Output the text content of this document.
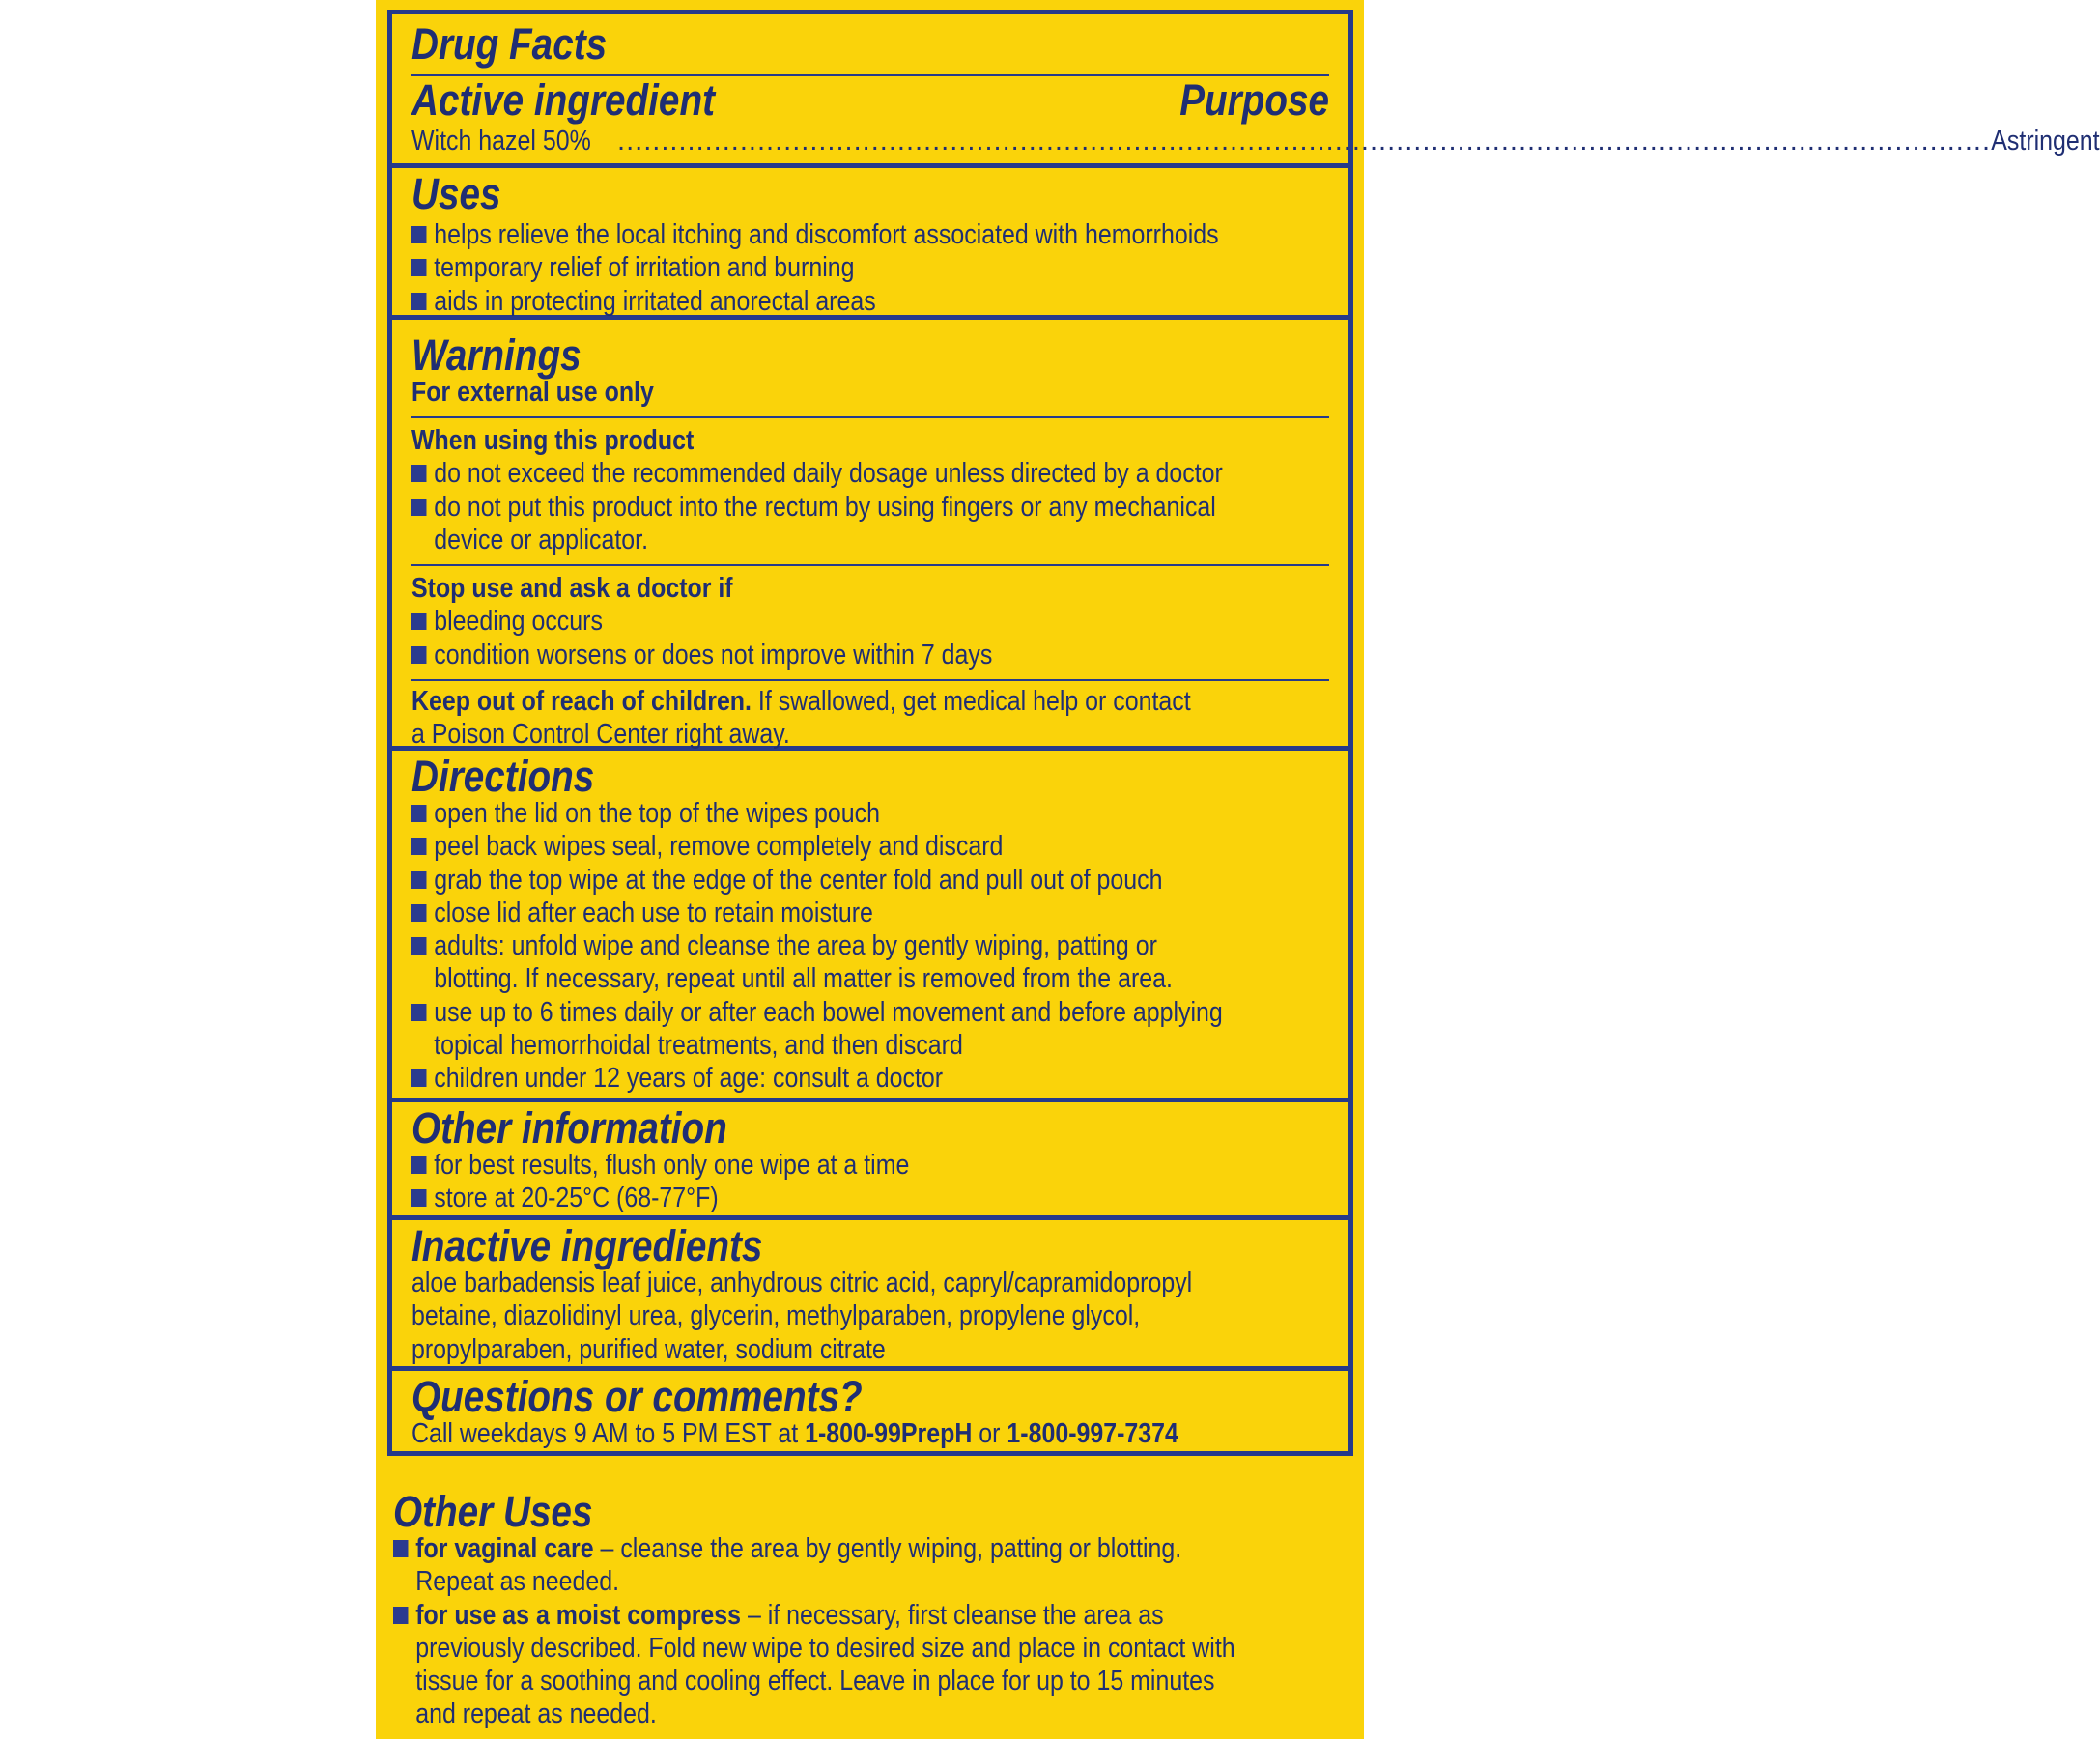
Drug Facts
Active ingredient	Purpose
Witch hazel 50% ............................................................................................................................................................. Astringent
Uses
helps relieve the local itching and discomfort associated with hemorrhoids
temporary relief of irritation and burning
aids in protecting irritated anorectal areas
Warnings
For external use only
When using this product
do not exceed the recommended daily dosage unless directed by a doctor
do not put this product into the rectum by using fingers or any mechanical
device or applicator.
Stop use and ask a doctor if
bleeding occurs
condition worsens or does not improve within 7 days
Keep out of reach of children. If swallowed, get medical help or contact
a Poison Control Center right away.
Directions
open the lid on the top of the wipes pouch
peel back wipes seal, remove completely and discard
grab the top wipe at the edge of the center fold and pull out of pouch
close lid after each use to retain moisture
adults: unfold wipe and cleanse the area by gently wiping, patting or
blotting. If necessary, repeat until all matter is removed from the area.
use up to 6 times daily or after each bowel movement and before applying
topical hemorrhoidal treatments, and then discard
children under 12 years of age: consult a doctor
Other information
for best results, flush only one wipe at a time
store at 20-25°C (68-77°F)
Inactive ingredients
aloe barbadensis leaf juice, anhydrous citric acid, capryl/capramidopropyl
betaine, diazolidinyl urea, glycerin, methylparaben, propylene glycol,
propylparaben, purified water, sodium citrate
Questions or comments?
Call weekdays 9 AM to 5 PM EST at 1-800-99PrepH or 1-800-997-7374
Other Uses
for vaginal care – cleanse the area by gently wiping, patting or blotting.
Repeat as needed.
for use as a moist compress – if necessary, first cleanse the area as
previously described. Fold new wipe to desired size and place in contact with
tissue for a soothing and cooling effect. Leave in place for up to 15 minutes
and repeat as needed.
